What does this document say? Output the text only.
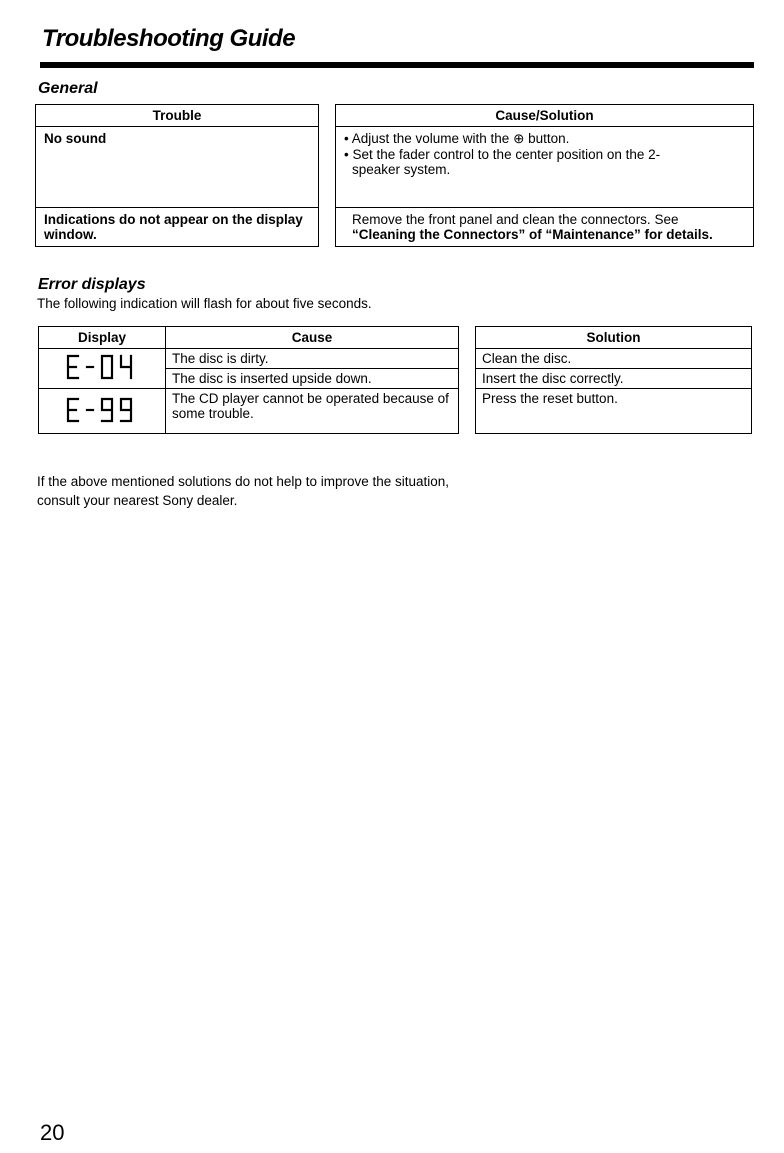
Troubleshooting Guide
General
Trouble		Cause/Solution
No sound		• Adjust the volume with the ⊕ button.
• Set the fader control to the center position on the 2-
speaker system.

Indications do not appear on the display window.		Remove the front panel and clean the connectors. See
“Cleaning the Connectors” of “Maintenance” for details.
Error displays
The following indication will flash for about five seconds.
Display	Cause		Solution
	The disc is dirty.		Clean the disc.
	The disc is inserted upside down.		Insert the disc correctly.
	The CD player cannot be operated because of some trouble.		Press the reset button.
If the above mentioned solutions do not help to improve the situation, consult your nearest Sony dealer.
20
